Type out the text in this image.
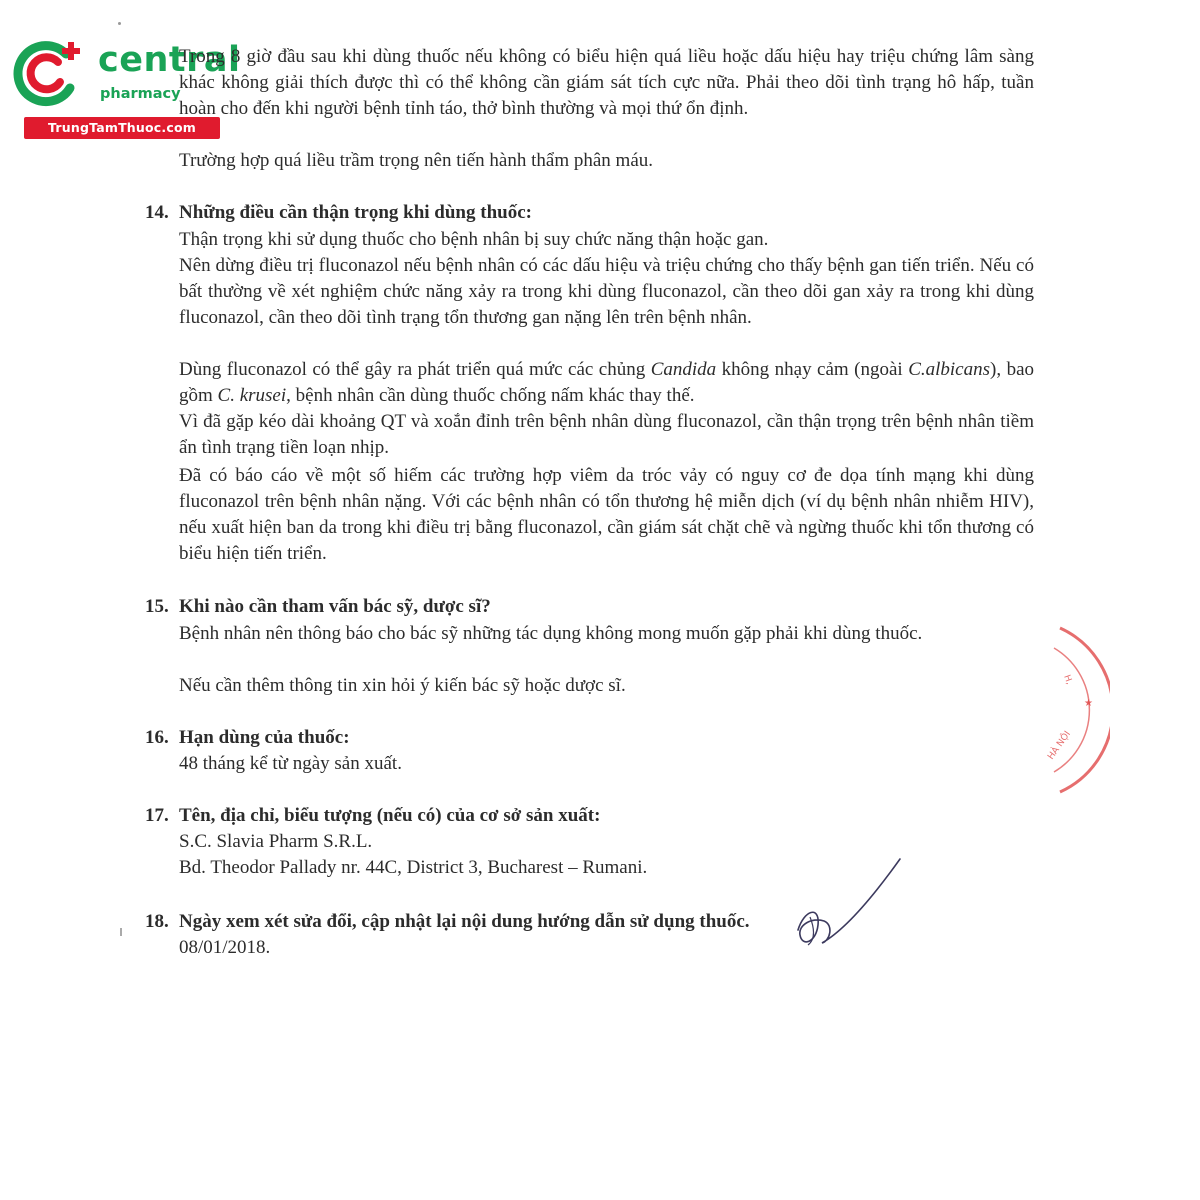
central
pharmacy
TrungTamThuoc.com

Trong 8 giờ đầu sau khi dùng thuốc nếu không có biểu hiện quá liều hoặc dấu hiệu hay triệu chứng lâm sàng khác không giải thích được thì có thể không cần giám sát tích cực nữa. Phải theo dõi tình trạng hô hấp, tuần hoàn cho đến khi người bệnh tỉnh táo, thở bình thường và mọi thứ ổn định.

Trường hợp quá liều trầm trọng nên tiến hành thẩm phân máu.

14. Những điều cần thận trọng khi dùng thuốc:

Thận trọng khi sử dụng thuốc cho bệnh nhân bị suy chức năng thận hoặc gan.

Nên dừng điều trị fluconazol nếu bệnh nhân có các dấu hiệu và triệu chứng cho thấy bệnh gan tiến triển. Nếu có bất thường về xét nghiệm chức năng xảy ra trong khi dùng fluconazol, cần theo dõi gan xảy ra trong khi dùng fluconazol, cần theo dõi tình trạng tổn thương gan nặng lên trên bệnh nhân.

Dùng fluconazol có thể gây ra phát triển quá mức các chủng Candida không nhạy cảm (ngoài C.albicans), bao gồm C. krusei, bệnh nhân cần dùng thuốc chống nấm khác thay thế.

Vì đã gặp kéo dài khoảng QT và xoắn đỉnh trên bệnh nhân dùng fluconazol, cần thận trọng trên bệnh nhân tiềm ẩn tình trạng tiền loạn nhịp.

Đã có báo cáo về một số hiếm các trường hợp viêm da tróc vảy có nguy cơ đe dọa tính mạng khi dùng fluconazol trên bệnh nhân nặng. Với các bệnh nhân có tổn thương hệ miễn dịch (ví dụ bệnh nhân nhiễm HIV), nếu xuất hiện ban da trong khi điều trị bằng fluconazol, cần giám sát chặt chẽ và ngừng thuốc khi tổn thương có biểu hiện tiến triển.

15. Khi nào cần tham vấn bác sỹ, dược sĩ?

Bệnh nhân nên thông báo cho bác sỹ những tác dụng không mong muốn gặp phải khi dùng thuốc.

Nếu cần thêm thông tin xin hỏi ý kiến bác sỹ hoặc dược sĩ.

16. Hạn dùng của thuốc:

48 tháng kể từ ngày sản xuất.

17. Tên, địa chỉ, biểu tượng (nếu có) của cơ sở sản xuất:

S.C. Slavia Pharm S.R.L.

Bd. Theodor Pallady nr. 44C, District 3, Bucharest – Rumani.

18. Ngày xem xét sửa đổi, cập nhật lại nội dung hướng dẫn sử dụng thuốc.

08/01/2018.

★
H,
HÀ NỘI
